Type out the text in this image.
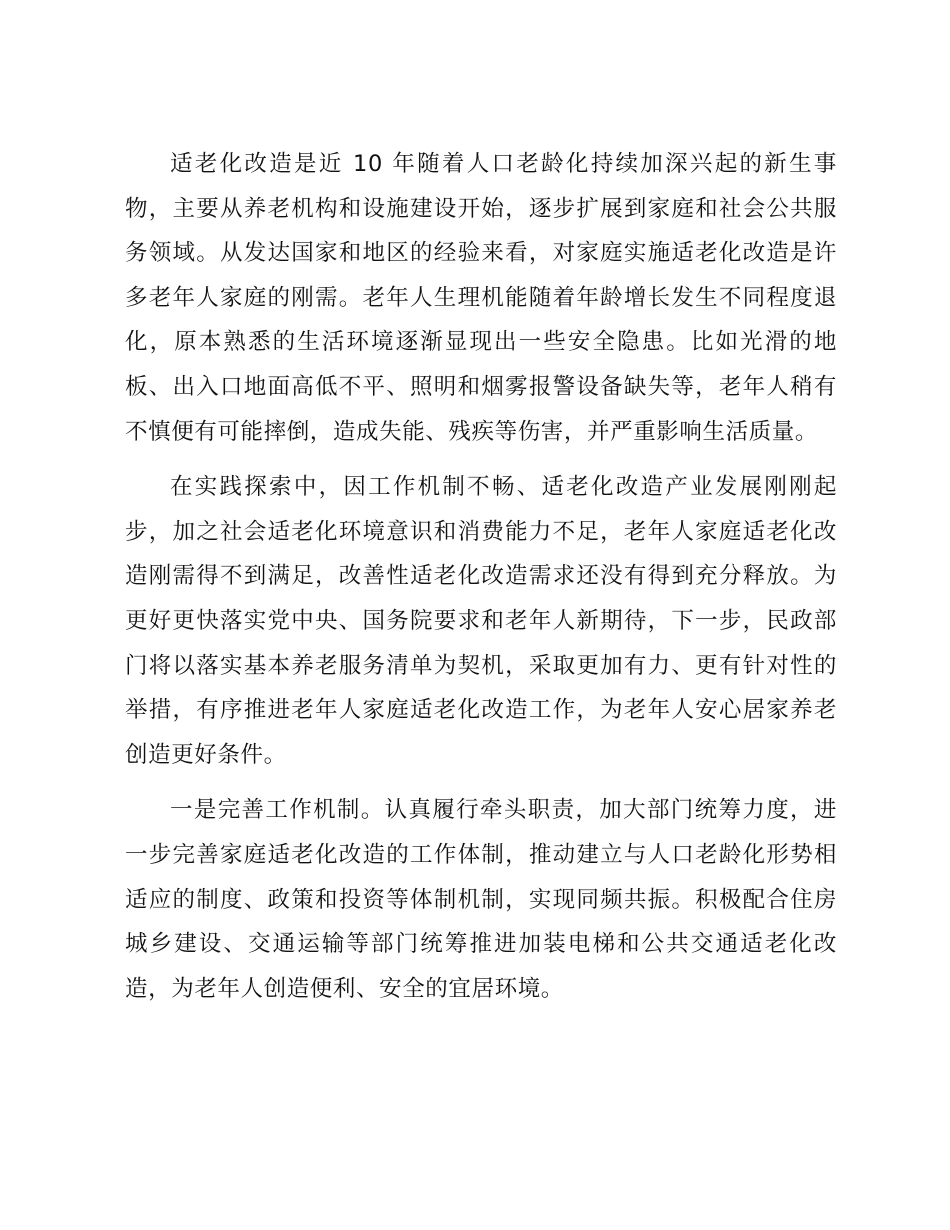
适老化改造是近 10 年随着人口老龄化持续加深兴起的新生事物，主要从养老机构和设施建设开始，逐步扩展到家庭和社会公共服务领域。从发达国家和地区的经验来看，对家庭实施适老化改造是许多老年人家庭的刚需。老年人生理机能随着年龄增长发生不同程度退化，原本熟悉的生活环境逐渐显现出一些安全隐患。比如光滑的地板、出入口地面高低不平、照明和烟雾报警设备缺失等，老年人稍有不慎便有可能摔倒，造成失能、残疾等伤害，并严重影响生活质量。

在实践探索中，因工作机制不畅、适老化改造产业发展刚刚起步，加之社会适老化环境意识和消费能力不足，老年人家庭适老化改造刚需得不到满足，改善性适老化改造需求还没有得到充分释放。为更好更快落实党中央、国务院要求和老年人新期待，下一步，民政部门将以落实基本养老服务清单为契机，采取更加有力、更有针对性的举措，有序推进老年人家庭适老化改造工作，为老年人安心居家养老创造更好条件。

一是完善工作机制。认真履行牵头职责，加大部门统筹力度，进一步完善家庭适老化改造的工作体制，推动建立与人口老龄化形势相适应的制度、政策和投资等体制机制，实现同频共振。积极配合住房城乡建设、交通运输等部门统筹推进加装电梯和公共交通适老化改造，为老年人创造便利、安全的宜居环境。
